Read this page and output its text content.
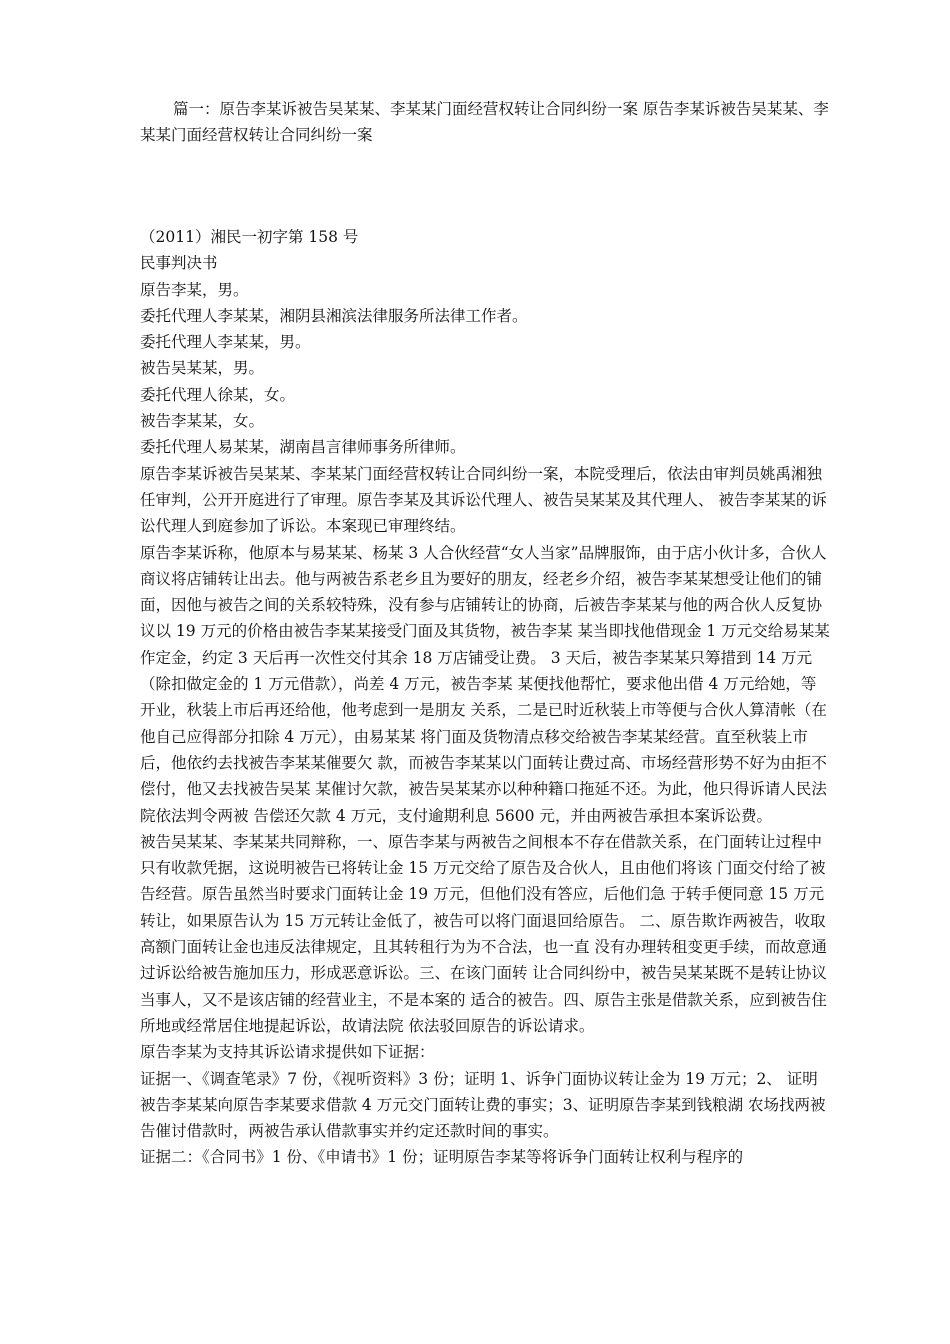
篇一：原告李某诉被告吴某某、李某某门面经营权转让合同纠纷一案 原告李某诉被告吴某某、李某某门面经营权转让合同纠纷一案

（2011）湘民一初字第 158 号

民事判决书

原告李某，男。

委托代理人李某某，湘阴县湘滨法律服务所法律工作者。

委托代理人李某某，男。

被告吴某某，男。

委托代理人徐某，女。

被告李某某，女。

委托代理人易某某，湖南昌言律师事务所律师。

原告李某诉被告吴某某、李某某门面经营权转让合同纠纷一案，本院受理后，依法由审判员姚禹湘独任审判，公开开庭进行了审理。原告李某及其诉讼代理人、被告吴某某及其代理人、 被告李某某的诉讼代理人到庭参加了诉讼。本案现已审理终结。

原告李某诉称，他原本与易某某、杨某 3 人合伙经营“女人当家”品牌服饰，由于店小伙计多，合伙人商议将店铺转让出去。他与两被告系老乡且为要好的朋友，经老乡介绍，被告李某某想受让他们的铺面，因他与被告之间的关系较特殊，没有参与店铺转让的协商，后被告李某某与他的两合伙人反复协议以 19 万元的价格由被告李某某接受门面及其货物，被告李某 某当即找他借现金 1 万元交给易某某作定金，约定 3 天后再一次性交付其余 18 万店铺受让费。 3 天后，被告李某某只筹措到 14 万元（除扣做定金的 1 万元借款），尚差 4 万元，被告李某 某便找他帮忙，要求他出借 4 万元给她，等开业，秋装上市后再还给他，他考虑到一是朋友 关系，二是已时近秋装上市等便与合伙人算清帐（在他自己应得部分扣除 4 万元），由易某某 将门面及货物清点移交给被告李某某经营。直至秋装上市后，他依约去找被告李某某催要欠 款，而被告李某某以门面转让费过高、市场经营形势不好为由拒不偿付，他又去找被告吴某 某催讨欠款，被告吴某某亦以种种籍口拖延不还。为此，他只得诉请人民法院依法判令两被 告偿还欠款 4 万元，支付逾期利息 5600 元，并由两被告承担本案诉讼费。

被告吴某某、李某某共同辩称，一、原告李某与两被告之间根本不存在借款关系，在门面转让过程中只有收款凭据，这说明被告已将转让金 15 万元交给了原告及合伙人，且由他们将该 门面交付给了被告经营。原告虽然当时要求门面转让金 19 万元，但他们没有答应，后他们急 于转手便同意 15 万元转让，如果原告认为 15 万元转让金低了，被告可以将门面退回给原告。 二、原告欺诈两被告，收取高额门面转让金也违反法律规定，且其转租行为为不合法，也一直 没有办理转租变更手续，而故意通过诉讼给被告施加压力，形成恶意诉讼。三、在该门面转 让合同纠纷中，被告吴某某既不是转让协议当事人，又不是该店铺的经营业主，不是本案的 适合的被告。四、原告主张是借款关系，应到被告住所地或经常居住地提起诉讼，故请法院 依法驳回原告的诉讼请求。

原告李某为支持其诉讼请求提供如下证据：

证据一、《调查笔录》7 份，《视听资料》3 份；证明 1、诉争门面协议转让金为 19 万元；2、 证明被告李某某向原告李某要求借款 4 万元交门面转让费的事实；3、证明原告李某到钱粮湖 农场找两被告催讨借款时，两被告承认借款事实并约定还款时间的事实。

证据二：《合同书》1 份、《申请书》1 份；证明原告李某等将诉争门面转让权利与程序的
